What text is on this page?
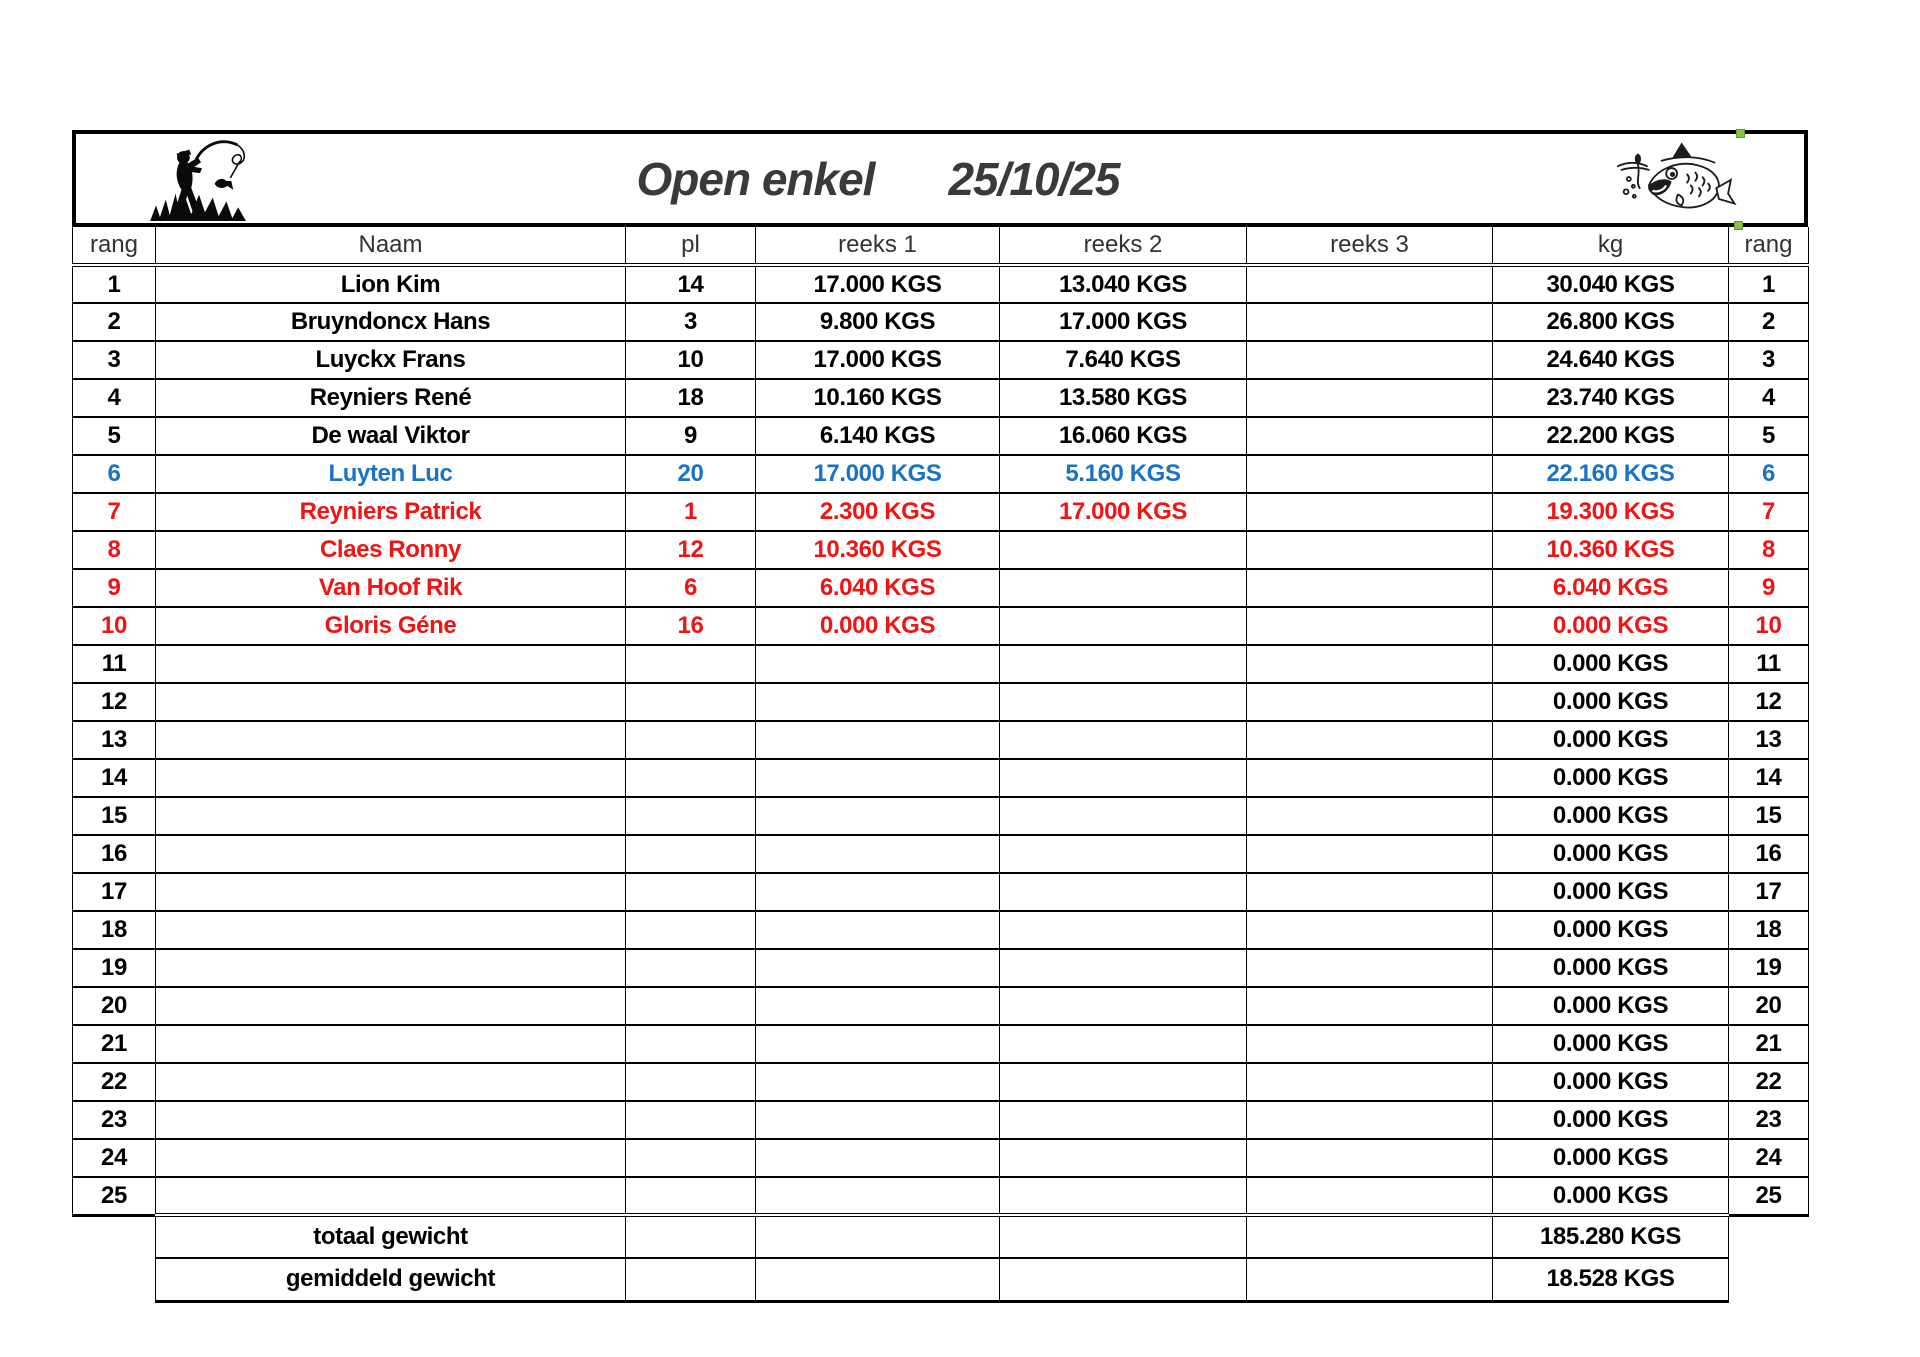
Open enkel 25/10/25
rang	Naam	pl	reeks 1	reeks 2	reeks 3	kg	rang
1	Lion Kim	14	17.000 KGS	13.040 KGS		30.040 KGS	1
2	Bruyndoncx Hans	3	9.800 KGS	17.000 KGS		26.800 KGS	2
3	Luyckx Frans	10	17.000 KGS	7.640 KGS		24.640 KGS	3
4	Reyniers René	18	10.160 KGS	13.580 KGS		23.740 KGS	4
5	De waal Viktor	9	6.140 KGS	16.060 KGS		22.200 KGS	5
6	Luyten Luc	20	17.000 KGS	5.160 KGS		22.160 KGS	6
7	Reyniers Patrick	1	2.300 KGS	17.000 KGS		19.300 KGS	7
8	Claes Ronny	12	10.360 KGS			10.360 KGS	8
9	Van Hoof Rik	6	6.040 KGS			6.040 KGS	9
10	Gloris Géne	16	0.000 KGS			0.000 KGS	10
11						0.000 KGS	11
12						0.000 KGS	12
13						0.000 KGS	13
14						0.000 KGS	14
15						0.000 KGS	15
16						0.000 KGS	16
17						0.000 KGS	17
18						0.000 KGS	18
19						0.000 KGS	19
20						0.000 KGS	20
21						0.000 KGS	21
22						0.000 KGS	22
23						0.000 KGS	23
24						0.000 KGS	24
25						0.000 KGS	25
	totaal gewicht					185.280 KGS	
	gemiddeld gewicht					18.528 KGS	
